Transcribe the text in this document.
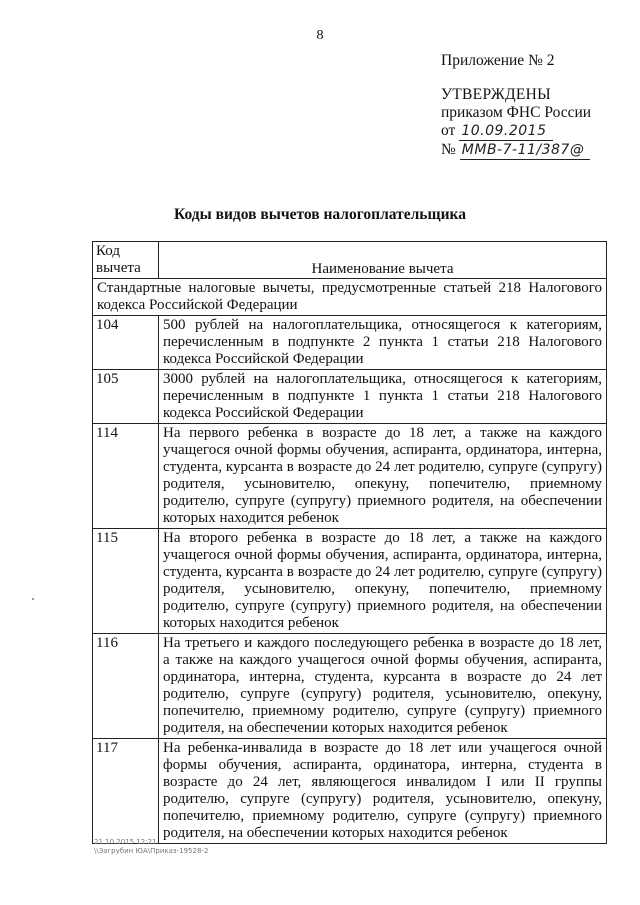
8
Приложение № 2
УТВЕРЖДЕНЫ
приказом ФНС России
от 10.09.2015
№ ММВ-7-11/387@
Коды видов вычетов налогоплательщика
Код вычета	Наименование вычета
Стандартные налоговые вычеты, предусмотренные статьей 218 Налогового кодекса Российской Федерации	
104	500 рублей на налогоплательщика, относящегося к категориям, перечисленным в подпункте 2 пункта 1 статьи 218 Налогового кодекса Российской Федерации
105	3000 рублей на налогоплательщика, относящегося к категориям, перечисленным в подпункте 1 пункта 1 статьи 218 Налогового кодекса Российской Федерации
114	На первого ребенка в возрасте до 18 лет, а также на каждого учащегося очной формы обучения, аспиранта, ординатора, интерна, студента, курсанта в возрасте до 24 лет родителю, супруге (супругу) родителя, усыновителю, опекуну, попечителю, приемному родителю, супруге (супругу) приемного родителя, на обеспечении которых находится ребенок
115	На второго ребенка в возрасте до 18 лет, а также на каждого учащегося очной формы обучения, аспиранта, ординатора, интерна, студента, курсанта в возрасте до 24 лет родителю, супруге (супругу) родителя, усыновителю, опекуну, попечителю, приемному родителю, супруге (супругу) приемного родителя, на обеспечении которых находится ребенок
116	На третьего и каждого последующего ребенка в возрасте до 18 лет, а также на каждого учащегося очной формы обучения, аспиранта, ординатора, интерна, студента, курсанта в возрасте до 24 лет родителю, супруге (супругу) родителя, усыновителю, опекуну, попечителю, приемному родителю, супруге (супругу) приемного родителя, на обеспечении которых находится ребенок
117	На ребенка-инвалида в возрасте до 18 лет или учащегося очной формы обучения, аспиранта, ординатора, интерна, студента в возрасте до 24 лет, являющегося инвалидом I или II группы родителю, супруге (супругу) родителя, усыновителю, опекуну, попечителю, приемному родителю, супруге (супругу) приемного родителя, на обеспечении которых находится ребенок
21.10.2015 12:21
\\Загрубин ЮА\Приказ-19528-2
